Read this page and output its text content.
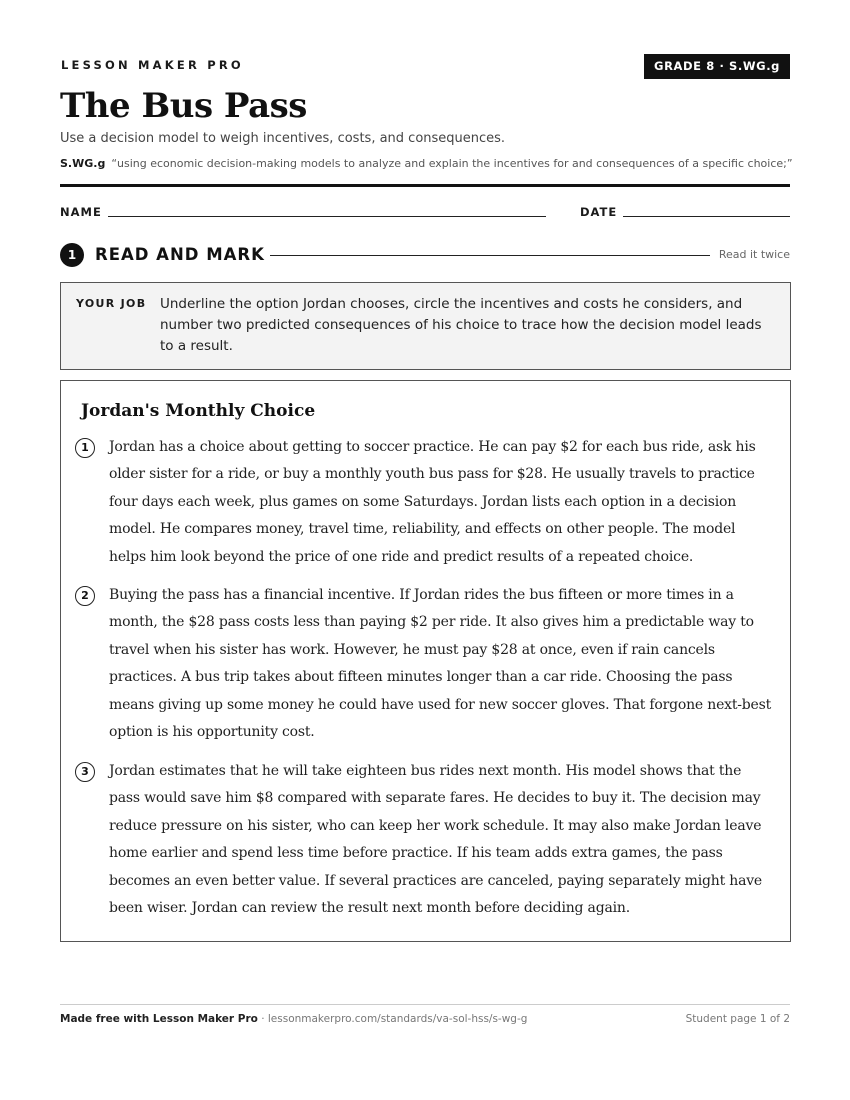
LESSON MAKER PRO	GRADE 8 · S.WG.g
The Bus Pass
Use a decision model to weigh incentives, costs, and consequences.
S.WG.g “using economic decision-making models to analyze and explain the incentives for and consequences of a specific choice;”
NAME	DATE
1	READ AND MARK	Read it twice
YOUR JOB Underline the option Jordan chooses, circle the incentives and costs he considers, and number two predicted consequences of his choice to trace how the decision model leads to a result.
Jordan's Monthly Choice
1	Jordan has a choice about getting to soccer practice. He can pay $2 for each bus ride, ask his older sister for a ride, or buy a monthly youth bus pass for $28. He usually travels to practice four days each week, plus games on some Saturdays. Jordan lists each option in a decision model. He compares money, travel time, reliability, and effects on other people. The model helps him look beyond the price of one ride and predict results of a repeated choice.
2	Buying the pass has a financial incentive. If Jordan rides the bus fifteen or more times in a month, the $28 pass costs less than paying $2 per ride. It also gives him a predictable way to travel when his sister has work. However, he must pay $28 at once, even if rain cancels practices. A bus trip takes about fifteen minutes longer than a car ride. Choosing the pass means giving up some money he could have used for new soccer gloves. That forgone next-best option is his opportunity cost.
3	Jordan estimates that he will take eighteen bus rides next month. His model shows that the pass would save him $8 compared with separate fares. He decides to buy it. The decision may reduce pressure on his sister, who can keep her work schedule. It may also make Jordan leave home earlier and spend less time before practice. If his team adds extra games, the pass becomes an even better value. If several practices are canceled, paying separately might have been wiser. Jordan can review the result next month before deciding again.
Made free with Lesson Maker Pro · lessonmakerpro.com/standards/va-sol-hss/s-wg-g	Student page 1 of 2
